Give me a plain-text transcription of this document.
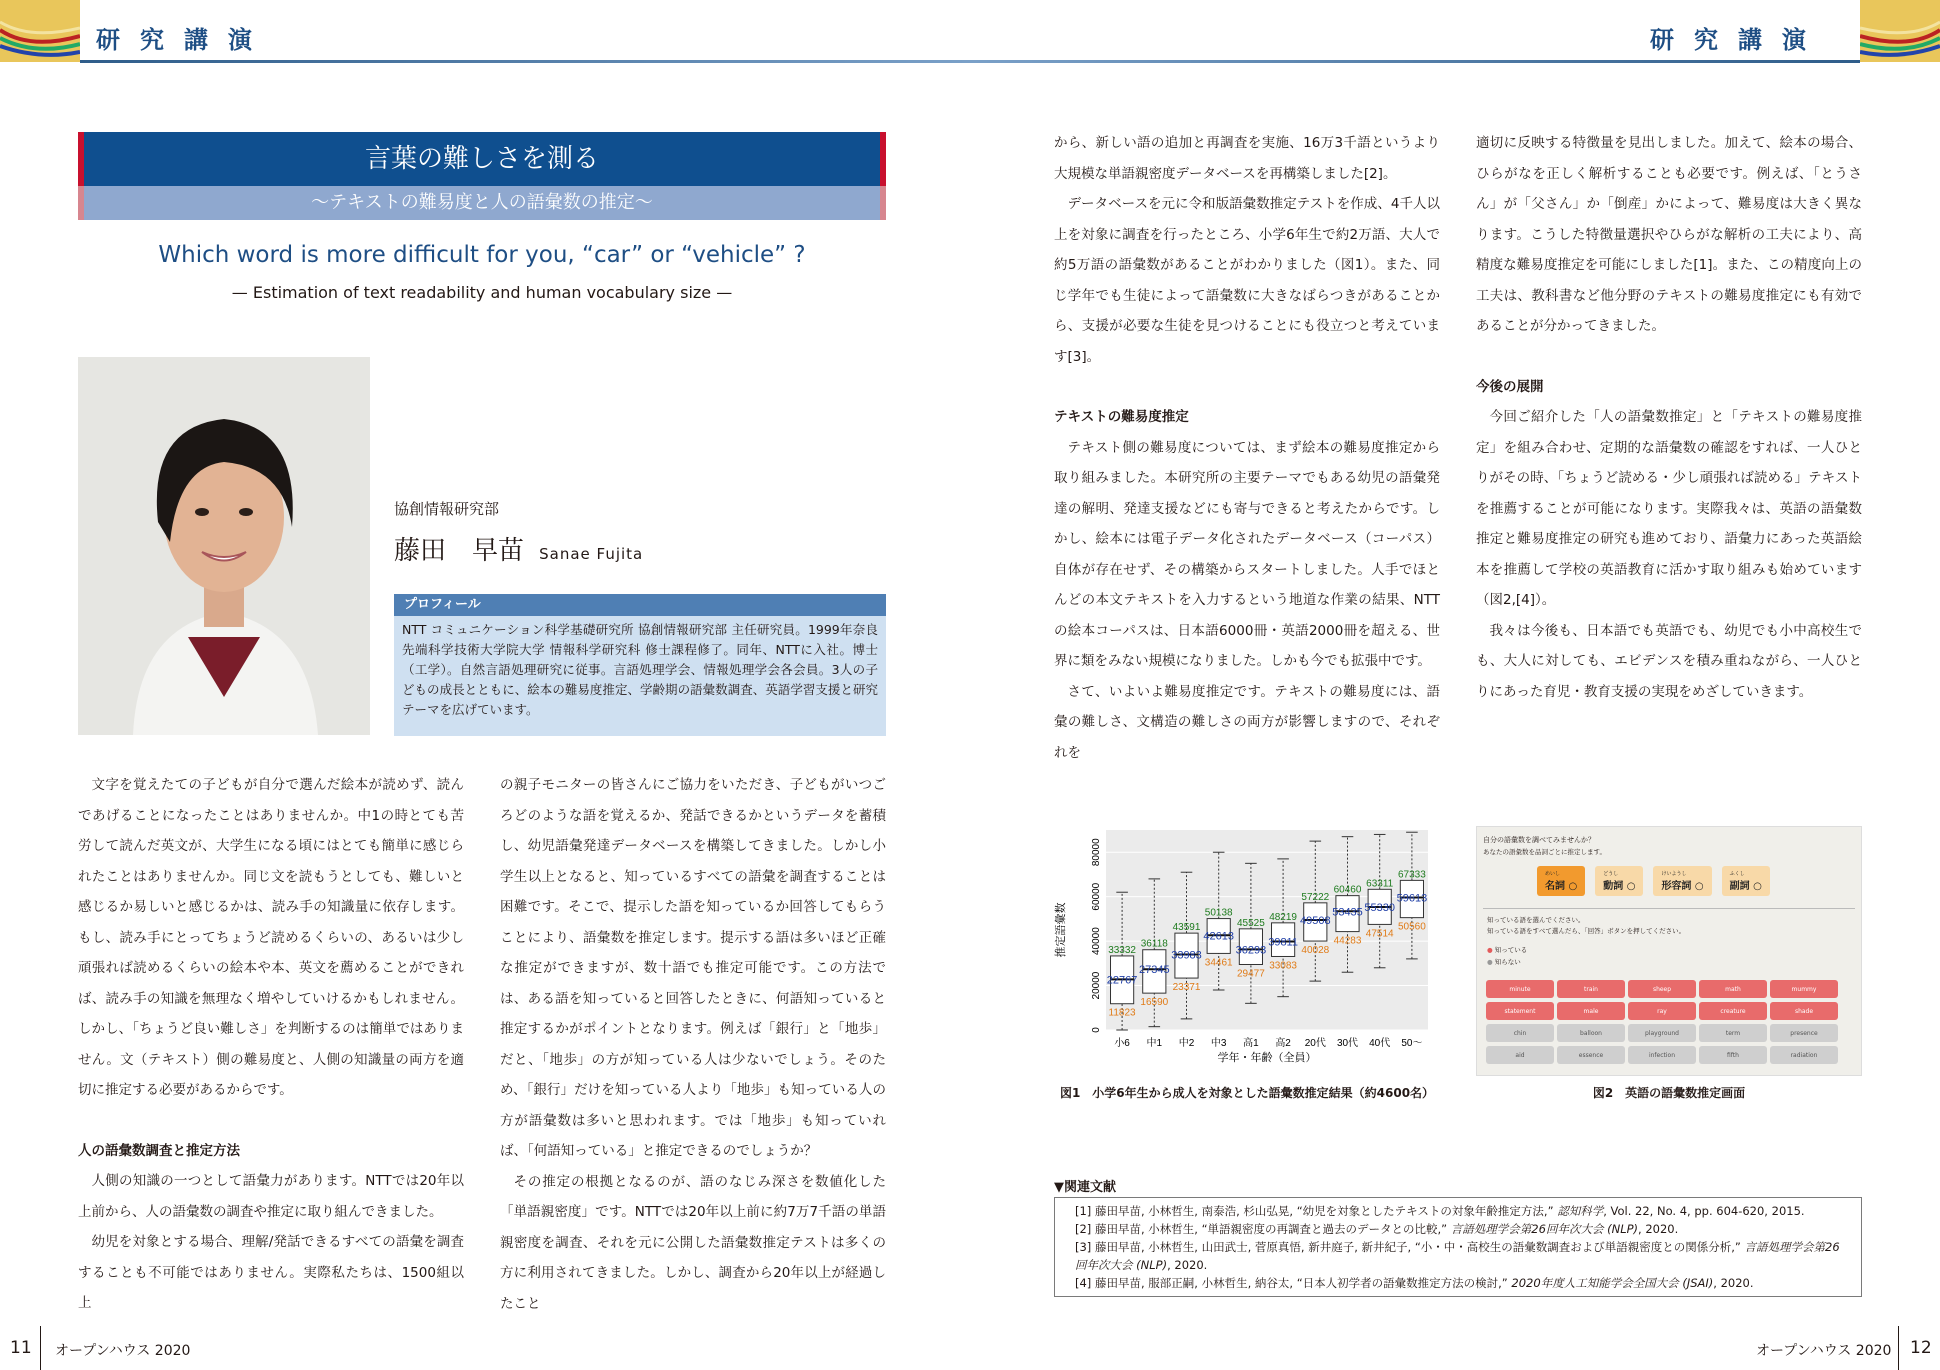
研究講演	研究講演
言葉の難しさを測る
〜テキストの難易度と人の語彙数の推定〜
Which word is more difficult for you, “car” or “vehicle” ?
— Estimation of text readability and human vocabulary size —
協創情報研究部
藤田　早苗 Sanae Fujita
プロフィール
NTT コミュニケーション科学基礎研究所 協創情報研究部 主任研究員。1999年奈良先端科学技術大学院大学 情報科学研究科 修士課程修了。同年、NTTに入社。博士（工学）。自然言語処理研究に従事。言語処理学会、情報処理学会各会員。3人の子どもの成長とともに、絵本の難易度推定、学齢期の語彙数調査、英語学習支援と研究テーマを広げています。

文字を覚えたての子どもが自分で選んだ絵本が読めず、読んであげることになったことはありませんか。中1の時とても苦労して読んだ英文が、大学生になる頃にはとても簡単に感じられたことはありませんか。同じ文を読もうとしても、難しいと感じるか易しいと感じるかは、読み手の知識量に依存します。もし、読み手にとってちょうど読めるくらいの、あるいは少し頑張れば読めるくらいの絵本や本、英文を薦めることができれば、読み手の知識を無理なく増やしていけるかもしれません。しかし、「ちょうど良い難しさ」を判断するのは簡単ではありません。文（テキスト）側の難易度と、人側の知識量の両方を適切に推定する必要があるからです。

人の語彙数調査と推定方法

人側の知識の一つとして語彙力があります。NTTでは20年以上前から、人の語彙数の調査や推定に取り組んできました。

幼児を対象とする場合、理解/発話できるすべての語彙を調査することも不可能ではありません。実際私たちは、1500組以上

の親子モニターの皆さんにご協力をいただき、子どもがいつごろどのような語を覚えるか、発話できるかというデータを蓄積し、幼児語彙発達データベースを構築してきました。しかし小学生以上となると、知っているすべての語彙を調査することは困難です。そこで、提示した語を知っているか回答してもらうことにより、語彙数を推定します。提示する語は多いほど正確な推定ができますが、数十語でも推定可能です。この方法では、ある語を知っていると回答したときに、何語知っていると推定するかがポイントとなります。例えば「銀行」と「地歩」だと、「地歩」の方が知っている人は少ないでしょう。そのため、「銀行」だけを知っている人より「地歩」も知っている人の方が語彙数は多いと思われます。では「地歩」も知っていれば、「何語知っている」と推定できるのでしょうか？

その推定の根拠となるのが、語のなじみ深さを数値化した「単語親密度」です。NTTでは20年以上前に約7万7千語の単語親密度を調査、それを元に公開した語彙数推定テストは多くの方に利用されてきました。しかし、調査から20年以上が経過したこと

から、新しい語の追加と再調査を実施、16万3千語というより大規模な単語親密度データベースを再構築しました[2]。

データベースを元に令和版語彙数推定テストを作成、4千人以上を対象に調査を行ったところ、小学6年生で約2万語、大人で約5万語の語彙数があることがわかりました（図1）。また、同じ学年でも生徒によって語彙数に大きなばらつきがあることから、支援が必要な生徒を見つけることにも役立つと考えています[3]。

テキストの難易度推定

テキスト側の難易度については、まず絵本の難易度推定から取り組みました。本研究所の主要テーマでもある幼児の語彙発達の解明、発達支援などにも寄与できると考えたからです。しかし、絵本には電子データ化されたデータベース（コーパス）自体が存在せず、その構築からスタートしました。人手でほとんどの本文テキストを入力するという地道な作業の結果、NTTの絵本コーパスは、日本語6000冊・英語2000冊を超える、世界に類をみない規模になりました。しかも今でも拡張中です。

さて、いよいよ難易度推定です。テキストの難易度には、語彙の難しさ、文構造の難しさの両方が影響しますので、それぞれを

適切に反映する特徴量を見出しました。加えて、絵本の場合、ひらがなを正しく解析することも必要です。例えば、「とうさん」が「父さん」か「倒産」かによって、難易度は大きく異なります。こうした特徴量選択やひらがな解析の工夫により、高精度な難易度推定を可能にしました[1]。また、この精度向上の工夫は、教科書など他分野のテキストの難易度推定にも有効であることが分かってきました。

今後の展開

今回ご紹介した「人の語彙数推定」と「テキストの難易度推定」を組み合わせ、定期的な語彙数の確認をすれば、一人ひとりがその時、「ちょうど読める・少し頑張れば読める」テキストを推薦することが可能になります。実際我々は、英語の語彙数推定と難易度推定の研究も進めており、語彙力にあった英語絵本を推薦して学校の英語教育に活かす取り組みも始めています（図2,[4]）。

我々は今後も、日本語でも英語でも、幼児でも小中高校生でも、大人に対しても、エビデンスを積み重ねながら、一人ひとりにあった育児・教育支援の実現をめざしていきます。

0
20000
40000
60000
80000
推定語彙数	33332
22767
11823
小6
36118
27345
16590
中1
43591
33983
23371
中2
50138
42613
34461
中3
45525
36293
29477
高1
48219
39811
33083
高2
57222
49508
40028
20代
60460
53435
44283
30代
63311
55330
47514
40代
67333
59613
50560
50〜
学年・年齢（全員）
図1　小学6年生から成人を対象とした語彙数推定結果（約4600名）
自分の語彙数を調べてみませんか？
あなたの語彙数を品詞ごとに推定します。
めいし
名詞 ○
どうし
動詞 ○
けいようし
形容詞 ○
ふくし
副詞 ○
知っている語を選んでください。
知っている語をすべて選んだら、「回答」ボタンを押してください。
● 知っている
● 知らない
minute	train	sheep	math	mummy
statement	male	ray	creature	shade
chin	balloon	playground	term	presence
aid	essence	infection	fifth	radiation
図2　英語の語彙数推定画面
▼関連文献
[1] 藤田早苗, 小林哲生, 南泰浩, 杉山弘晃, “幼児を対象としたテキストの対象年齢推定方法,” 認知科学, Vol. 22, No. 4, pp. 604-620, 2015.
[2] 藤田早苗, 小林哲生, “単語親密度の再調査と過去のデータとの比較,” 言語処理学会第26回年次大会 (NLP), 2020.
[3] 藤田早苗, 小林哲生, 山田武士, 菅原真悟, 新井庭子, 新井紀子, “小・中・高校生の語彙数調査および単語親密度との関係分析,” 言語処理学会第26回年次大会 (NLP), 2020.
[4] 藤田早苗, 服部正嗣, 小林哲生, 納谷太, “日本人初学者の語彙数推定方法の検討,” 2020年度人工知能学会全国大会 (JSAI), 2020.
11 オープンハウス 2020	オープンハウス 2020 12
